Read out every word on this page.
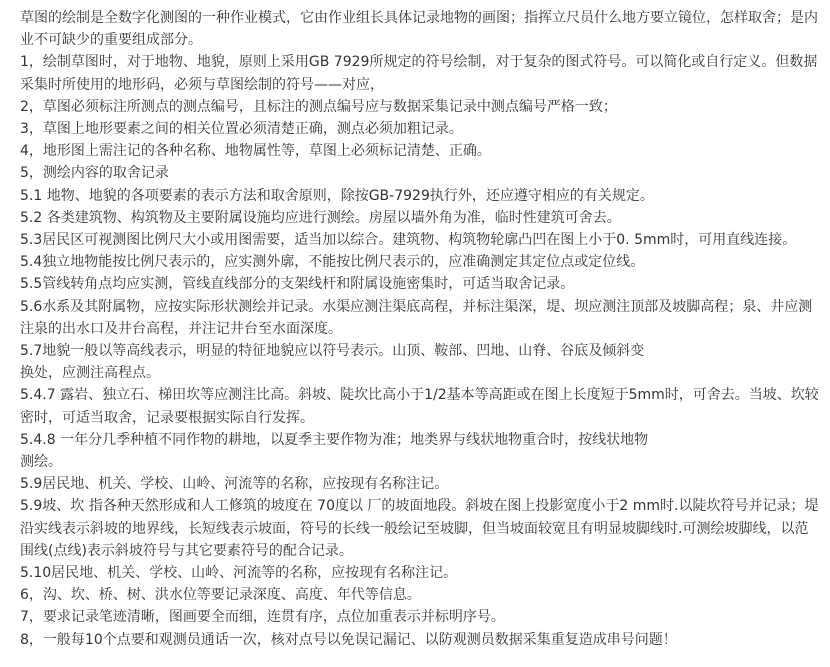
草图的绘制是全数字化测图的一种作业模式，它由作业组长具体记录地物的画图；指挥立尺员什么地方要立镜位，怎样取舍；是内业不可缺少的重要组成部分。

1，绘制草图时，对于地物、地貌，原则上采用GB 7929所规定的符号绘制，对于复杂的图式符号。可以简化或自行定义。但数据采集时所使用的地形码，必须与草图绘制的符号——对应，

2，草图必须标注所测点的测点编号，且标注的测点编号应与数据采集记录中测点编号严格一致；

3，草图上地形要素之间的相关位置必须清楚正确，测点必须加粗记录。

4，地形图上需注记的各种名称、地物属性等，草图上必须标记清楚、正确。

5，测绘内容的取舍记录

5.1 地物、地貌的各项要素的表示方法和取舍原则，除按GB-7929执行外，还应遵守相应的有关规定。

5.2 各类建筑物、构筑物及主要附属设施均应进行测绘。房屋以墙外角为准，临时性建筑可舍去。

5.3居民区可视测图比例尺大小或用图需要，适当加以综合。建筑物、构筑物轮廓凸凹在图上小于0. 5mm时，可用直线连接。

5.4独立地物能按比例尺表示的，应实测外廓，不能按比例尺表示的，应准确测定其定位点或定位线。

5.5管线转角点均应实测，管线直线部分的支架线杆和附属设施密集时，可适当取舍记录。

5.6水系及其附属物，应按实际形状测绘并记录。水渠应测注渠底高程，并标注渠深，堤、坝应测注顶部及坡脚高程；泉、井应测注泉的出水口及井台高程，并注记井台至水面深度。

5.7地貌一般以等高线表示，明显的特征地貌应以符号表示。山顶、鞍部、凹地、山脊、谷底及倾斜变
换处，应测注高程点。

5.4.7 露岩、独立石、梯田坎等应测注比高。斜坡、陡坎比高小于1/2基本等高距或在图上长度短于5mm时，可舍去。当坡、坎较密时，可适当取舍，记录要根据实际自行发挥。

5.4.8 一年分几季种植不同作物的耕地，以夏季主要作物为准；地类界与线状地物重合时，按线状地物
测绘。

5.9居民地、机关、学校、山岭、河流等的名称，应按现有名称注记。

5.9坡、坎 指各种天然形成和人工修筑的坡度在 70度以 厂的坡面地段。斜坡在图上投影宽度小于2 mm时.以陡坎符号并记录；堤沿实线表示斜坡的地界线，长短线表示坡面，符号的长线一般绘记至坡脚，但当坡面较宽且有明显坡脚线时.可测绘坡脚线，以范围线(点线)表示斜坡符号与其它要素符号的配合记录。

5.10居民地、机关、学校、山岭、河流等的名称，应按现有名称注记。

6，沟、坎、桥、树、洪水位等要记录深度、高度、年代等信息。

7，要求记录笔迹清晰，图画要全而细，连贯有序，点位加重表示并标明序号。

8，一般每10个点要和观测员通话一次，核对点号以免误记漏记、以防观测员数据采集重复造成串号问题！
